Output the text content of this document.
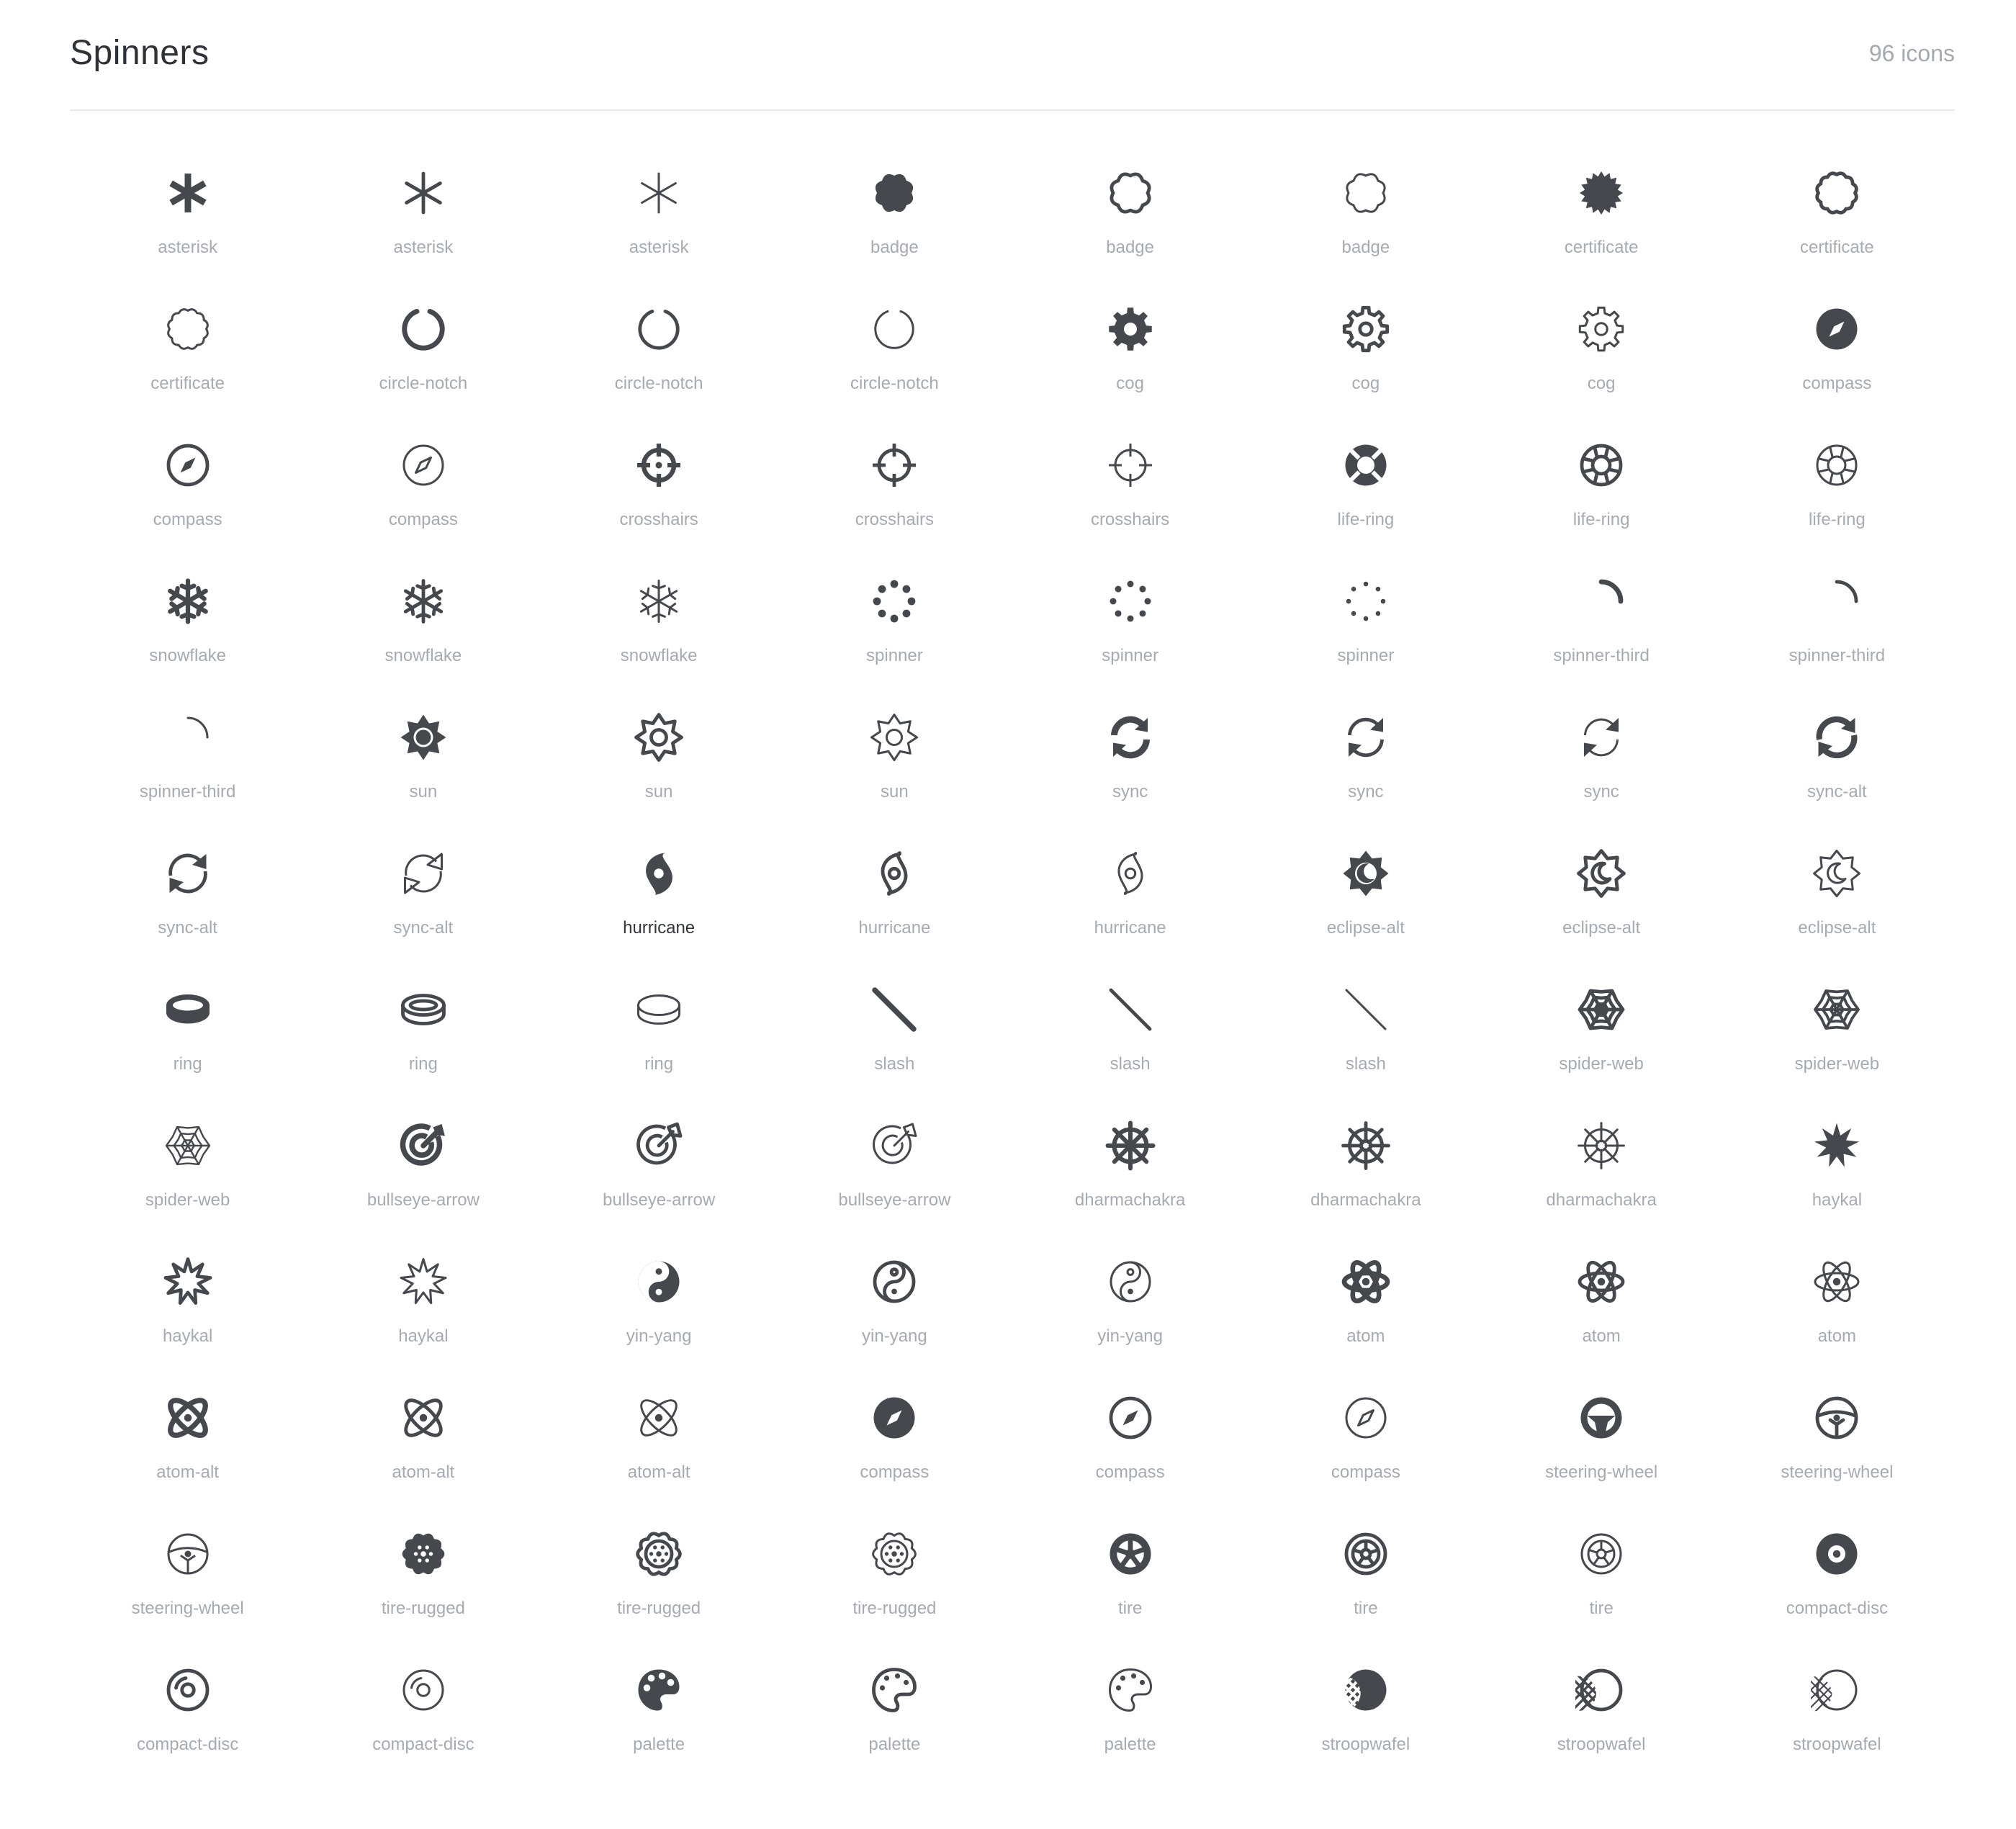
Spinners	96 icons
asterisk	asterisk	asterisk	badge	badge	badge	certificate	certificate
certificate	circle-notch	circle-notch	circle-notch	cog	cog	cog	compass
compass	compass	crosshairs	crosshairs	crosshairs	life-ring	life-ring	life-ring
snowflake	snowflake	snowflake	spinner	spinner	spinner	spinner-third	spinner-third
spinner-third	sun	sun	sun	sync	sync	sync	sync-alt
sync-alt	sync-alt	hurricane	hurricane	hurricane	eclipse-alt	eclipse-alt	eclipse-alt
ring	ring	ring	slash	slash	slash	spider-web	spider-web
spider-web	bullseye-arrow	bullseye-arrow	bullseye-arrow	dharmachakra	dharmachakra	dharmachakra	haykal
haykal	haykal	yin-yang	yin-yang	yin-yang	atom	atom	atom
atom-alt	atom-alt	atom-alt	compass	compass	compass	steering-wheel	steering-wheel
steering-wheel	tire-rugged	tire-rugged	tire-rugged	tire	tire	tire	compact-disc
compact-disc	compact-disc	palette	palette	palette	stroopwafel	stroopwafel	stroopwafel
